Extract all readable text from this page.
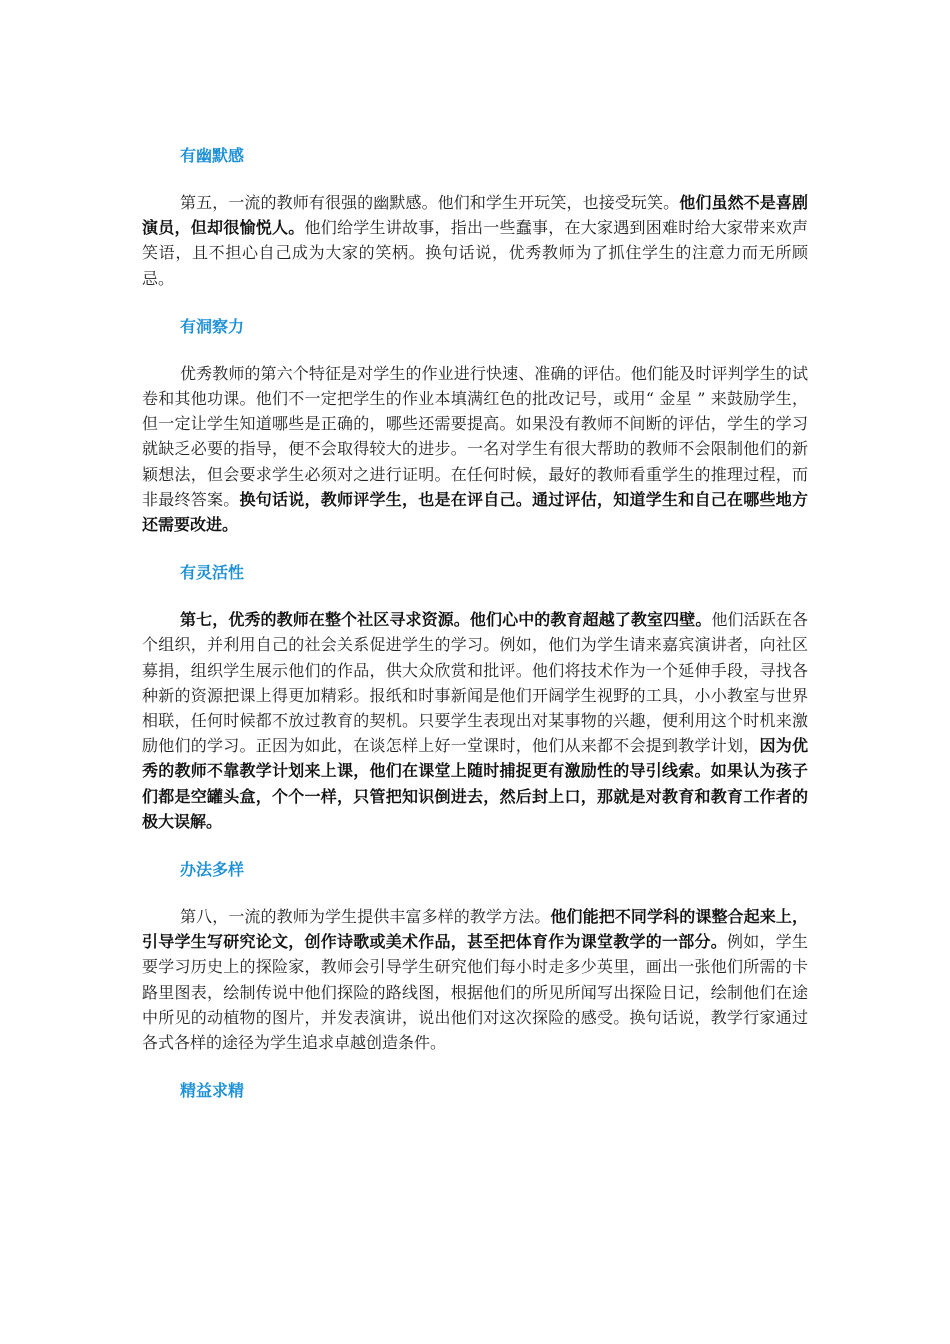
有幽默感

第五，一流的教师有很强的幽默感。他们和学生开玩笑，也接受玩笑。他们虽然不是喜剧演员，但却很愉悦人。他们给学生讲故事，指出一些蠢事，在大家遇到困难时给大家带来欢声笑语，且不担心自己成为大家的笑柄。换句话说，优秀教师为了抓住学生的注意力而无所顾忌。

有洞察力

优秀教师的第六个特征是对学生的作业进行快速、准确的评估。他们能及时评判学生的试卷和其他功课。他们不一定把学生的作业本填满红色的批改记号，或用“ 金星 ” 来鼓励学生，但一定让学生知道哪些是正确的，哪些还需要提高。如果没有教师不间断的评估，学生的学习就缺乏必要的指导，便不会取得较大的进步。一名对学生有很大帮助的教师不会限制他们的新颖想法，但会要求学生必须对之进行证明。在任何时候，最好的教师看重学生的推理过程，而非最终答案。换句话说，教师评学生，也是在评自己。通过评估，知道学生和自己在哪些地方还需要改进。

有灵活性

第七，优秀的教师在整个社区寻求资源。他们心中的教育超越了教室四壁。他们活跃在各个组织，并利用自己的社会关系促进学生的学习。例如，他们为学生请来嘉宾演讲者，向社区募捐，组织学生展示他们的作品，供大众欣赏和批评。他们将技术作为一个延伸手段，寻找各种新的资源把课上得更加精彩。报纸和时事新闻是他们开阔学生视野的工具，小小教室与世界相联，任何时候都不放过教育的契机。只要学生表现出对某事物的兴趣，便利用这个时机来激励他们的学习。正因为如此，在谈怎样上好一堂课时，他们从来都不会提到教学计划，因为优秀的教师不靠教学计划来上课，他们在课堂上随时捕捉更有激励性的导引线索。如果认为孩子们都是空罐头盒，个个一样，只管把知识倒进去，然后封上口，那就是对教育和教育工作者的极大误解。

办法多样

第八，一流的教师为学生提供丰富多样的教学方法。他们能把不同学科的课整合起来上，引导学生写研究论文，创作诗歌或美术作品，甚至把体育作为课堂教学的一部分。例如，学生要学习历史上的探险家，教师会引导学生研究他们每小时走多少英里，画出一张他们所需的卡路里图表，绘制传说中他们探险的路线图，根据他们的所见所闻写出探险日记，绘制他们在途中所见的动植物的图片，并发表演讲，说出他们对这次探险的感受。换句话说，教学行家通过各式各样的途径为学生追求卓越创造条件。

精益求精
